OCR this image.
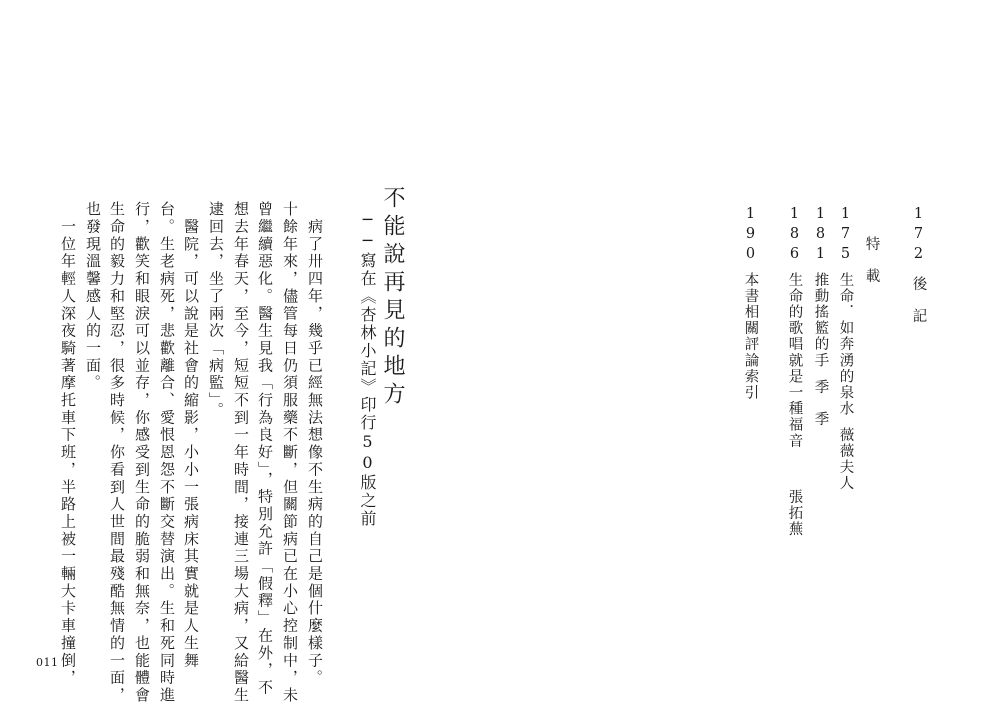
172後　記
特　載
175生命．如奔湧的泉水薇薇夫人
181推動搖籃的手季　季
186生命的歌唱就是一種福音張拓蕪
190本書相關評論索引
不能說再見的地方
──寫在《杏林小記》印行50版之前
　病了卅四年，幾乎已經無法想像不生病的自己是個什麼樣子。
十餘年來，儘管每日仍須服藥不斷，但關節病已在小心控制中，未
曾繼續惡化。醫生見我「行為良好」，特別允許「假釋」在外，不
想去年春天，至今，短短不到一年時間，接連三場大病，又給醫生
逮回去，坐了兩次「病監」。
　醫院，可以說是社會的縮影，小小一張病床其實就是人生舞
台。生老病死，悲歡離合、愛恨恩怨不斷交替演出。生和死同時進
行，歡笑和眼淚可以並存，你感受到生命的脆弱和無奈，也能體會
生命的毅力和堅忍，很多時候，你看到人世間最殘酷無情的一面，
也發現溫馨感人的一面。
　一位年輕人深夜騎著摩托車下班，半路上被一輛大卡車撞倒，
011
